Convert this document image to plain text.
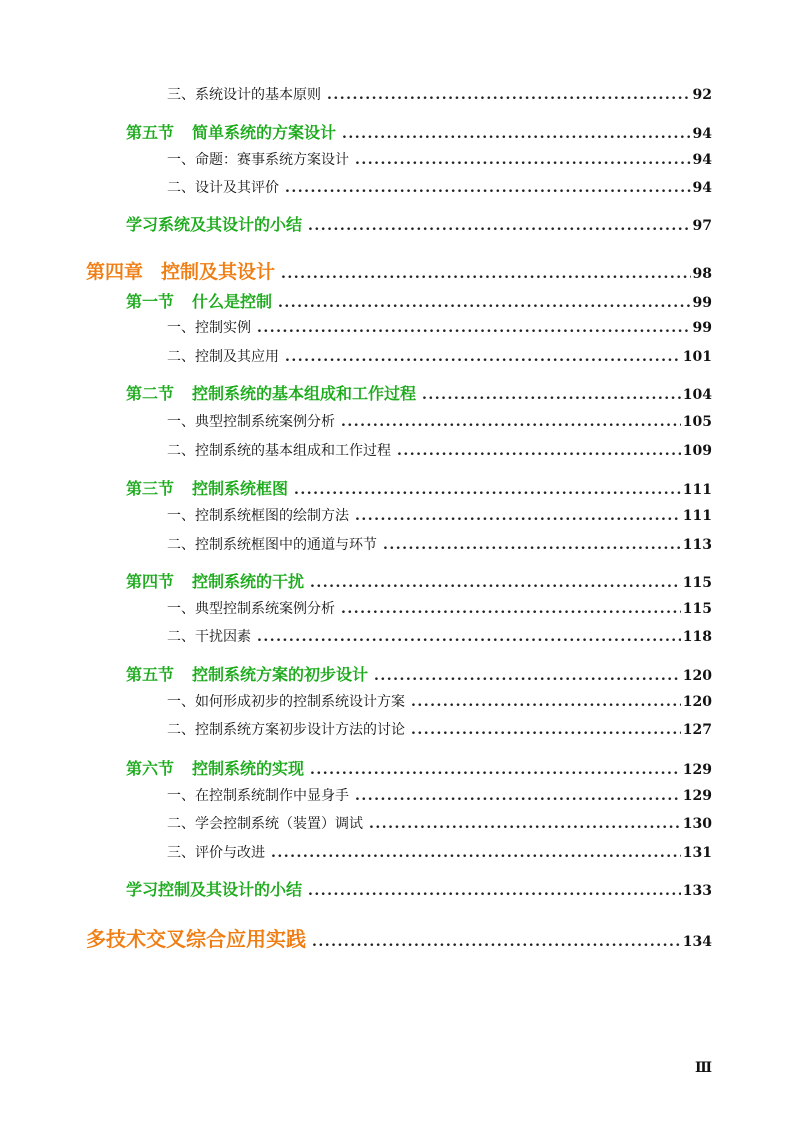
三、系统设计的基本原则 .....	92
第五节 简单系统的方案设计 .....	94
一、命题：赛事系统方案设计 .....	94
二、设计及其评价 .....	94
学习系统及其设计的小结 .....	97
第四章 控制及其设计 .....	98
第一节 什么是控制 .....	99
一、控制实例 .....	99
二、控制及其应用 .....	101
第二节 控制系统的基本组成和工作过程 .....	104
一、典型控制系统案例分析 .....	105
二、控制系统的基本组成和工作过程 .....	109
第三节 控制系统框图 .....	111
一、控制系统框图的绘制方法 .....	111
二、控制系统框图中的通道与环节 .....	113
第四节 控制系统的干扰 .....	115
一、典型控制系统案例分析 .....	115
二、干扰因素 .....	118
第五节 控制系统方案的初步设计 .....	120
一、如何形成初步的控制系统设计方案 .....	120
二、控制系统方案初步设计方法的讨论 .....	127
第六节 控制系统的实现 .....	129
一、在控制系统制作中显身手 .....	129
二、学会控制系统（装置）调试 .....	130
三、评价与改进 .....	131
学习控制及其设计的小结 .....	133
多技术交叉综合应用实践 .....	134
Ⅲ
